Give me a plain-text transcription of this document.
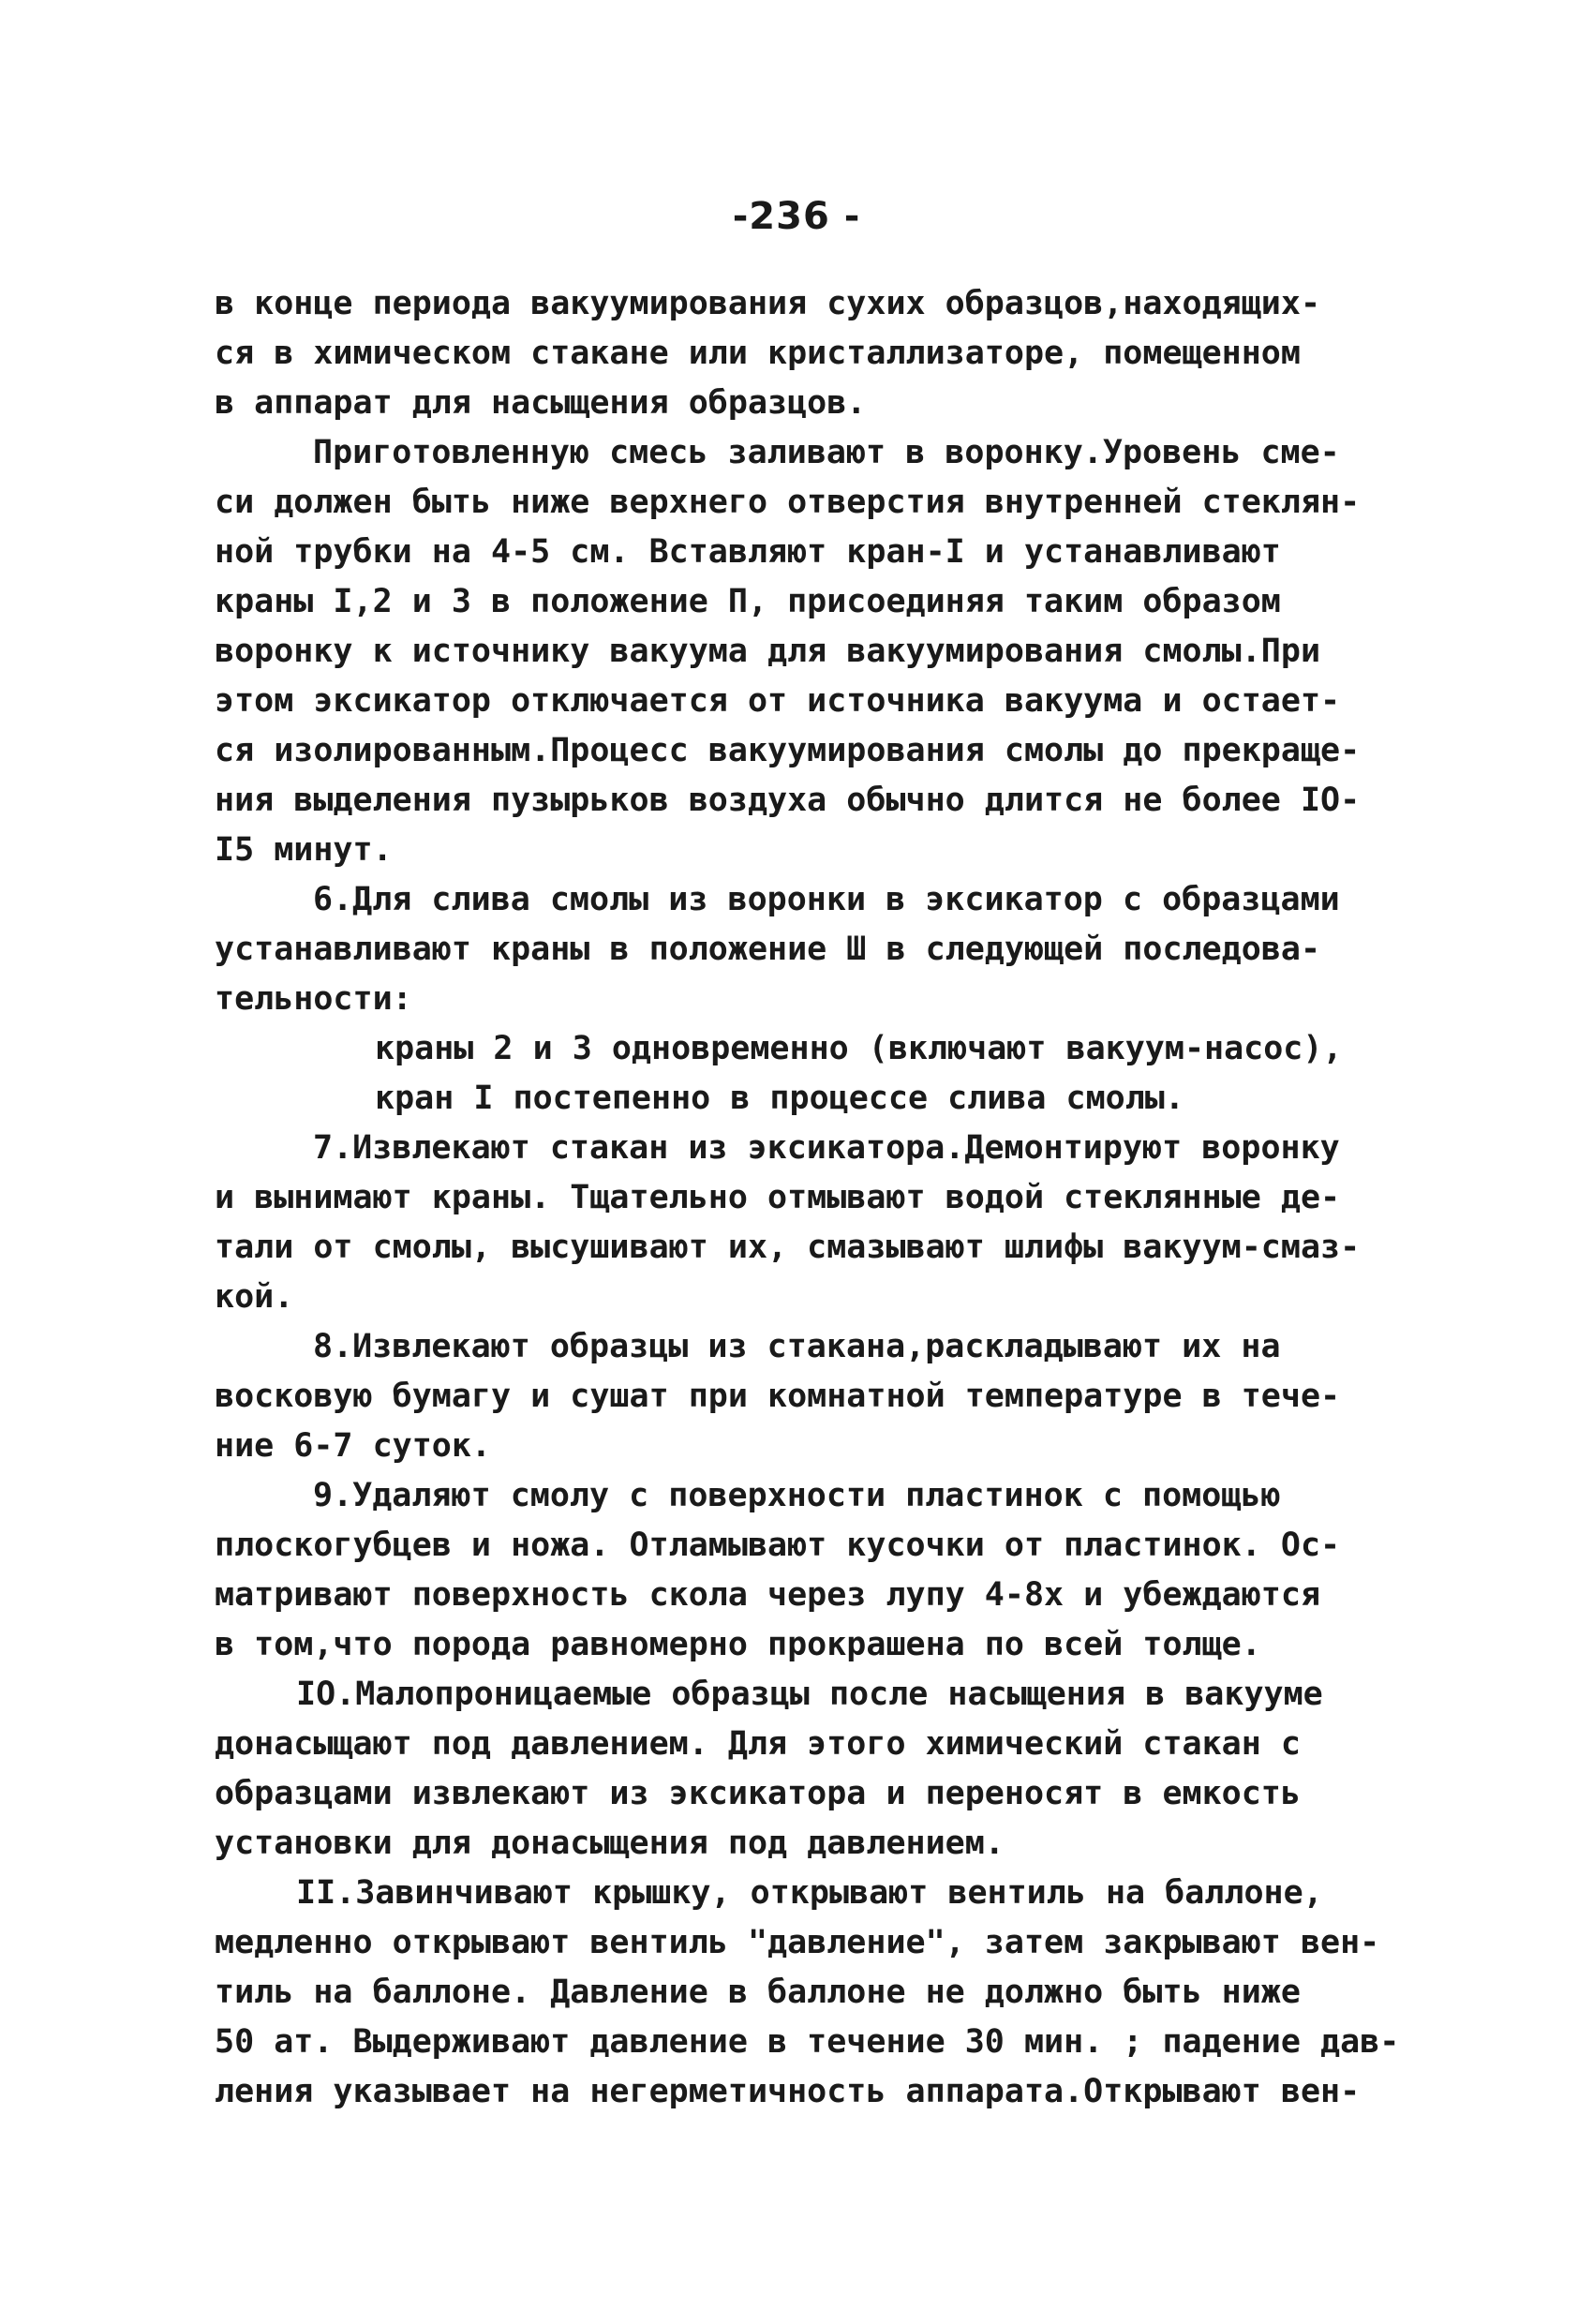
-236 -
в конце периода вакуумирования сухих образцов,находящих-
ся в химическом стакане или кристаллизаторе, помещенном
в аппарат для насыщения образцов.
Приготовленную смесь заливают в воронку.Уровень сме-
си должен быть ниже верхнего отверстия внутренней стеклян-
ной трубки на 4-5 см. Вставляют кран-I и устанавливают
краны I,2 и 3 в положение П, присоединяя таким образом
воронку к источнику вакуума для вакуумирования смолы.При
этом эксикатор отключается от источника вакуума и остает-
ся изолированным.Процесс вакуумирования смолы до прекраще-
ния выделения пузырьков воздуха обычно длится не более IO-
I5 минут.
6.Для слива смолы из воронки в эксикатор с образцами
устанавливают краны в положение Ш в следующей последова-
тельности:
краны 2 и 3 одновременно (включают вакуум-насос),
кран I постепенно в процессе слива смолы.
7.Извлекают стакан из эксикатора.Демонтируют воронку
и вынимают краны. Тщательно отмывают водой стеклянные де-
тали от смолы, высушивают их, смазывают шлифы вакуум-смаз-
кой.
8.Извлекают образцы из стакана,раскладывают их на
восковую бумагу и сушат при комнатной температуре в тече-
ние 6-7 суток.
9.Удаляют смолу с поверхности пластинок с помощью
плоскогубцев и ножа. Отламывают кусочки от пластинок. Ос-
матривают поверхность скола через лупу 4-8х и убеждаются
в том,что порода равномерно прокрашена по всей толще.
IO.Малопроницаемые образцы после насыщения в вакууме
донасыщают под давлением. Для этого химический стакан с
образцами извлекают из эксикатора и переносят в емкость
установки для донасыщения под давлением.
II.Завинчивают крышку, открывают вентиль на баллоне,
медленно открывают вентиль "давление", затем закрывают вен-
тиль на баллоне. Давление в баллоне не должно быть ниже
50 ат. Выдерживают давление в течение 30 мин. ; падение дав-
ления указывает на негерметичность аппарата.Открывают вен-
